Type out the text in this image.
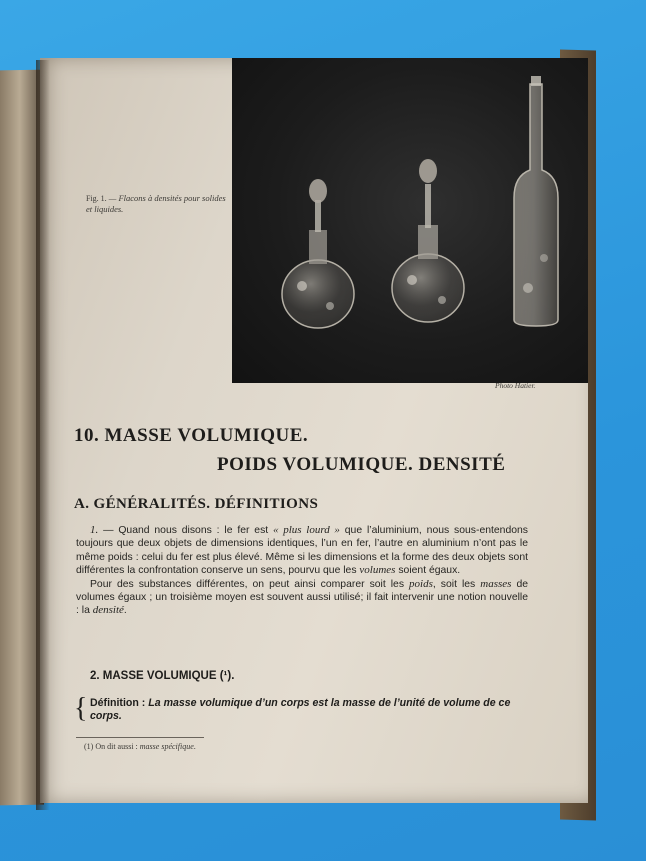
Fig. 1. — Flacons à densités pour solides et liquides.
Photo Hatier.
10. MASSE VOLUMIQUE.
POIDS VOLUMIQUE. DENSITÉ
A. GÉNÉRALITÉS. DÉFINITIONS

1. — Quand nous disons : le fer est « plus lourd » que l’aluminium, nous sous-entendons toujours que deux objets de dimensions identiques, l’un en fer, l’autre en aluminium n’ont pas le même poids : celui du fer est plus élevé. Même si les dimensions et la forme des deux objets sont différentes la confrontation conserve un sens, pourvu que les volumes soient égaux.

Pour des substances différentes, on peut ainsi comparer soit les poids, soit les masses de volumes égaux ; un troisième moyen est souvent aussi utilisé; il fait intervenir une notion nouvelle : la densité.

2. MASSE VOLUMIQUE (¹).
{ Définition : La masse volumique d’un corps est la masse de l’unité de volume de ce corps.
(1) On dit aussi : masse spécifique.
